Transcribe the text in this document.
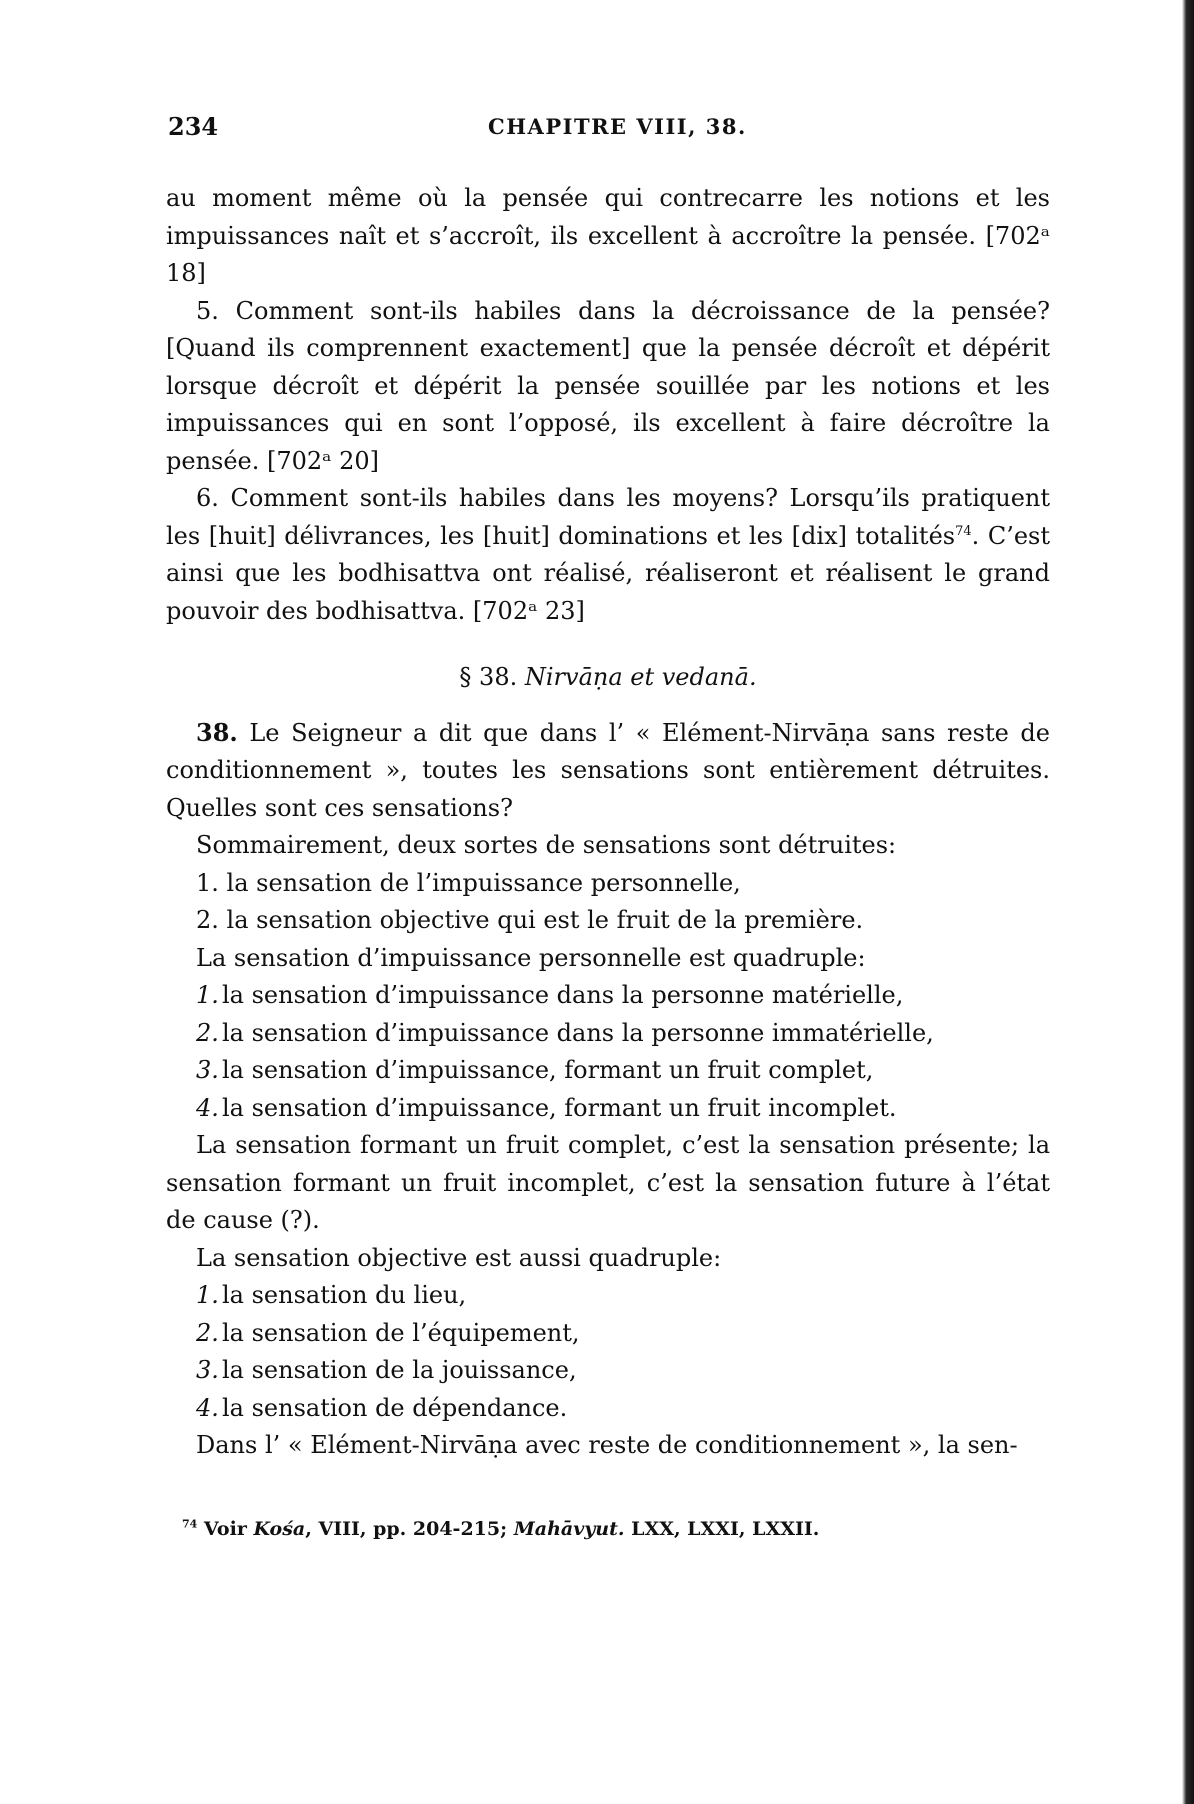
234	CHAPITRE VIII, 38.

au moment même où la pensée qui contrecarre les notions et les impuissances naît et s’accroît, ils excellent à accroître la pensée. [702ᵃ 18]

5. Comment sont-ils habiles dans la décroissance de la pensée? [Quand ils comprennent exactement] que la pensée décroît et dépérit lorsque décroît et dépérit la pensée souillée par les notions et les impuissances qui en sont l’opposé, ils excellent à faire décroître la pensée. [702ᵃ 20]

6. Comment sont-ils habiles dans les moyens? Lorsqu’ils pratiquent les [huit] délivrances, les [huit] dominations et les [dix] totalités$^{74}$. C’est ainsi que les bodhisattva ont réalisé, réaliseront et réalisent le grand pouvoir des bodhisattva. [702ᵃ 23]

§ 38. Nirvāṇa et vedanā.

38. Le Seigneur a dit que dans l’ « Elément-Nirvāṇa sans reste de conditionnement », toutes les sensations sont entièrement détruites. Quelles sont ces sensations?

Sommairement, deux sortes de sensations sont détruites:

1. la sensation de l’impuissance personnelle,

2. la sensation objective qui est le fruit de la première.

La sensation d’impuissance personnelle est quadruple:

1. la sensation d’impuissance dans la personne matérielle,

2. la sensation d’impuissance dans la personne immatérielle,

3. la sensation d’impuissance, formant un fruit complet,

4. la sensation d’impuissance, formant un fruit incomplet.

La sensation formant un fruit complet, c’est la sensation présente; la sensation formant un fruit incomplet, c’est la sensation future à l’état de cause (?).

La sensation objective est aussi quadruple:

1. la sensation du lieu,

2. la sensation de l’équipement,

3. la sensation de la jouissance,

4. la sensation de dépendance.

Dans l’ « Elément-Nirvāṇa avec reste de conditionnement », la sen-

$^{74}$ Voir Kośa, VIII, pp. 204-215; Mahāvyut. LXX, LXXI, LXXII.
